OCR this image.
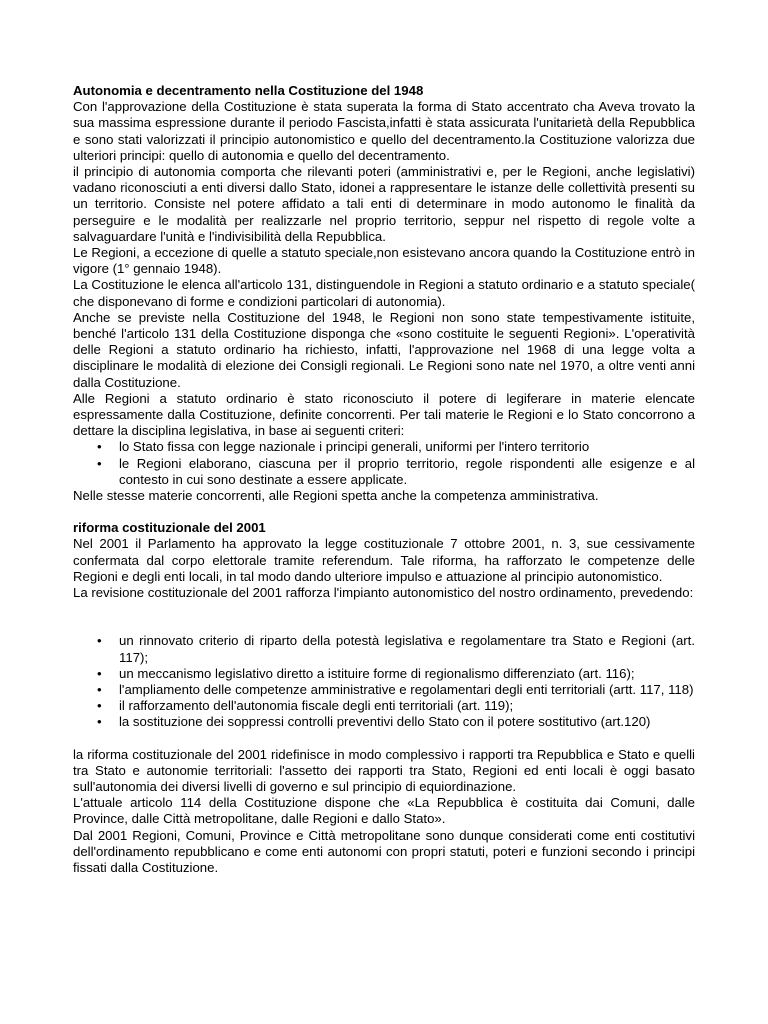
Autonomia e decentramento nella Costituzione del 1948

Con l'approvazione della Costituzione è stata superata la forma di Stato accentrato cha Aveva trovato la sua massima espressione durante il periodo Fascista,infatti è stata assicurata l'unitarietà della Repubblica e sono stati valorizzati il principio autonomistico e quello del decentramento.la Costituzione valorizza due ulteriori principi: quello di autonomia e quello del decentramento.

il principio di autonomia comporta che rilevanti poteri (amministrativi e, per le Regioni, anche legislativi) vadano riconosciuti a enti diversi dallo Stato, idonei a rappresentare le istanze delle collettività presenti su un territorio. Consiste nel potere affidato a tali enti di determinare in modo autonomo le finalità da perseguire e le modalità per realizzarle nel proprio territorio, seppur nel rispetto di regole volte a salvaguardare l'unità e l'indivisibilità della Repubblica.

Le Regioni, a eccezione di quelle a statuto speciale,non esistevano ancora quando la Costituzione entrò in vigore (1° gennaio 1948).

La Costituzione le elenca all'articolo 131, distinguendole in Regioni a statuto ordinario e a statuto speciale( che disponevano di forme e condizioni particolari di autonomia).

Anche se previste nella Costituzione del 1948, le Regioni non sono state tempestivamente istituite, benché l'articolo 131 della Costituzione disponga che «sono costituite le seguenti Regioni». L'operatività delle Regioni a statuto ordinario ha richiesto, infatti, l'approvazione nel 1968 di una legge volta a disciplinare le modalità di elezione dei Consigli regionali. Le Regioni sono nate nel 1970, a oltre venti anni dalla Costituzione.

Alle Regioni a statuto ordinario è stato riconosciuto il potere di legiferare in materie elencate espressamente dalla Costituzione, definite concorrenti. Per tali materie le Regioni e lo Stato concorrono a dettare la disciplina legislativa, in base ai seguenti criteri:

• lo Stato fissa con legge nazionale i principi generali, uniformi per l'intero territorio
• le Regioni elaborano, ciascuna per il proprio territorio, regole rispondenti alle esigenze e al contesto in cui sono destinate a essere applicate.

Nelle stesse materie concorrenti, alle Regioni spetta anche la competenza amministrativa.

riforma costituzionale del 2001

Nel 2001 il Parlamento ha approvato la legge costituzionale 7 ottobre 2001, n. 3, sue cessivamente confermata dal corpo elettorale tramite referendum. Tale riforma, ha rafforzato le competenze delle Regioni e degli enti locali, in tal modo dando ulteriore impulso e attuazione al principio autonomistico.

La revisione costituzionale del 2001 rafforza l'impianto autonomistico del nostro ordinamento, prevedendo:

• un rinnovato criterio di riparto della potestà legislativa e regolamentare tra Stato e Regioni (art. 117);
• un meccanismo legislativo diretto a istituire forme di regionalismo differenziato (art. 116);
• l'ampliamento delle competenze amministrative e regolamentari degli enti territoriali (artt. 117, 118)
• il rafforzamento dell'autonomia fiscale degli enti territoriali (art. 119);
• la sostituzione dei soppressi controlli preventivi dello Stato con il potere sostitutivo (art.120)

la riforma costituzionale del 2001 ridefinisce in modo complessivo i rapporti tra Repubblica e Stato e quelli tra Stato e autonomie territoriali: l'assetto dei rapporti tra Stato, Regioni ed enti locali è oggi basato sull'autonomia dei diversi livelli di governo e sul principio di equiordinazione.

L'attuale articolo 114 della Costituzione dispone che «La Repubblica è costituita dai Comuni, dalle Province, dalle Città metropolitane, dalle Regioni e dallo Stato».

Dal 2001 Regioni, Comuni, Province e Città metropolitane sono dunque considerati come enti costitutivi dell'ordinamento repubblicano e come enti autonomi con propri statuti, poteri e funzioni secondo i principi fissati dalla Costituzione.
